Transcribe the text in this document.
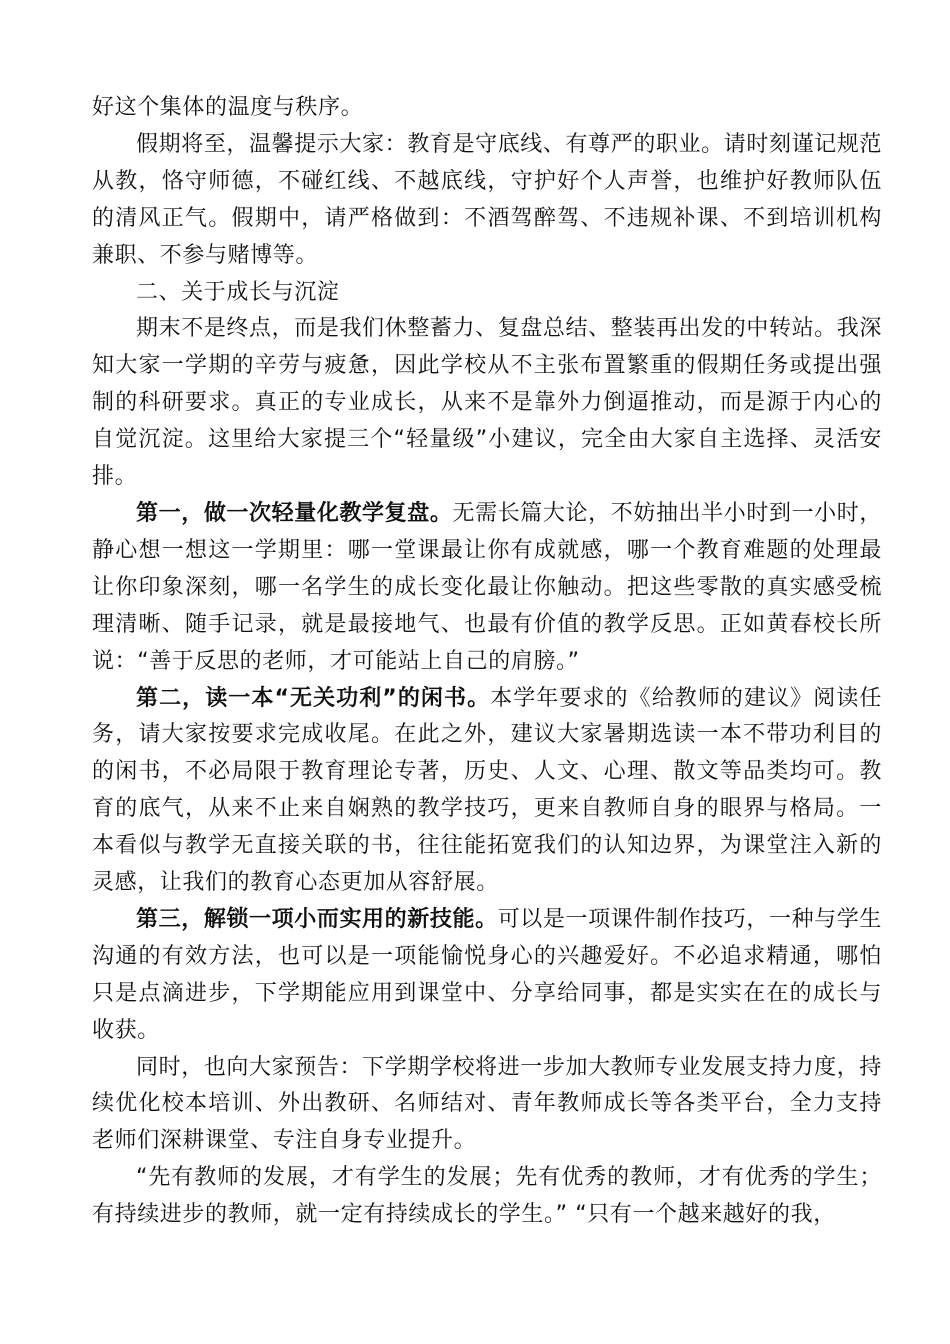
好这个集体的温度与秩序。

假期将至，温馨提示大家：教育是守底线、有尊严的职业。请时刻谨记规范从教，恪守师德，不碰红线、不越底线，守护好个人声誉，也维护好教师队伍的清风正气。假期中，请严格做到：不酒驾醉驾、不违规补课、不到培训机构兼职、不参与赌博等。

二、关于成长与沉淀

期末不是终点，而是我们休整蓄力、复盘总结、整装再出发的中转站。我深知大家一学期的辛劳与疲惫，因此学校从不主张布置繁重的假期任务或提出强制的科研要求。真正的专业成长，从来不是靠外力倒逼推动，而是源于内心的自觉沉淀。这里给大家提三个“轻量级”小建议，完全由大家自主选择、灵活安排。

第一，做一次轻量化教学复盘。无需长篇大论，不妨抽出半小时到一小时，静心想一想这一学期里：哪一堂课最让你有成就感，哪一个教育难题的处理最让你印象深刻，哪一名学生的成长变化最让你触动。把这些零散的真实感受梳理清晰、随手记录，就是最接地气、也最有价值的教学反思。正如黄春校长所说：“善于反思的老师，才可能站上自己的肩膀。”

第二，读一本“无关功利”的闲书。本学年要求的《给教师的建议》阅读任务，请大家按要求完成收尾。在此之外，建议大家暑期选读一本不带功利目的的闲书，不必局限于教育理论专著，历史、人文、心理、散文等品类均可。教育的底气，从来不止来自娴熟的教学技巧，更来自教师自身的眼界与格局。一本看似与教学无直接关联的书，往往能拓宽我们的认知边界，为课堂注入新的灵感，让我们的教育心态更加从容舒展。

第三，解锁一项小而实用的新技能。可以是一项课件制作技巧，一种与学生沟通的有效方法，也可以是一项能愉悦身心的兴趣爱好。不必追求精通，哪怕只是点滴进步，下学期能应用到课堂中、分享给同事，都是实实在在的成长与收获。

同时，也向大家预告：下学期学校将进一步加大教师专业发展支持力度，持续优化校本培训、外出教研、名师结对、青年教师成长等各类平台，全力支持老师们深耕课堂、专注自身专业提升。

“先有教师的发展，才有学生的发展；先有优秀的教师，才有优秀的学生；有持续进步的教师，就一定有持续成长的学生。” “只有一个越来越好的我，
